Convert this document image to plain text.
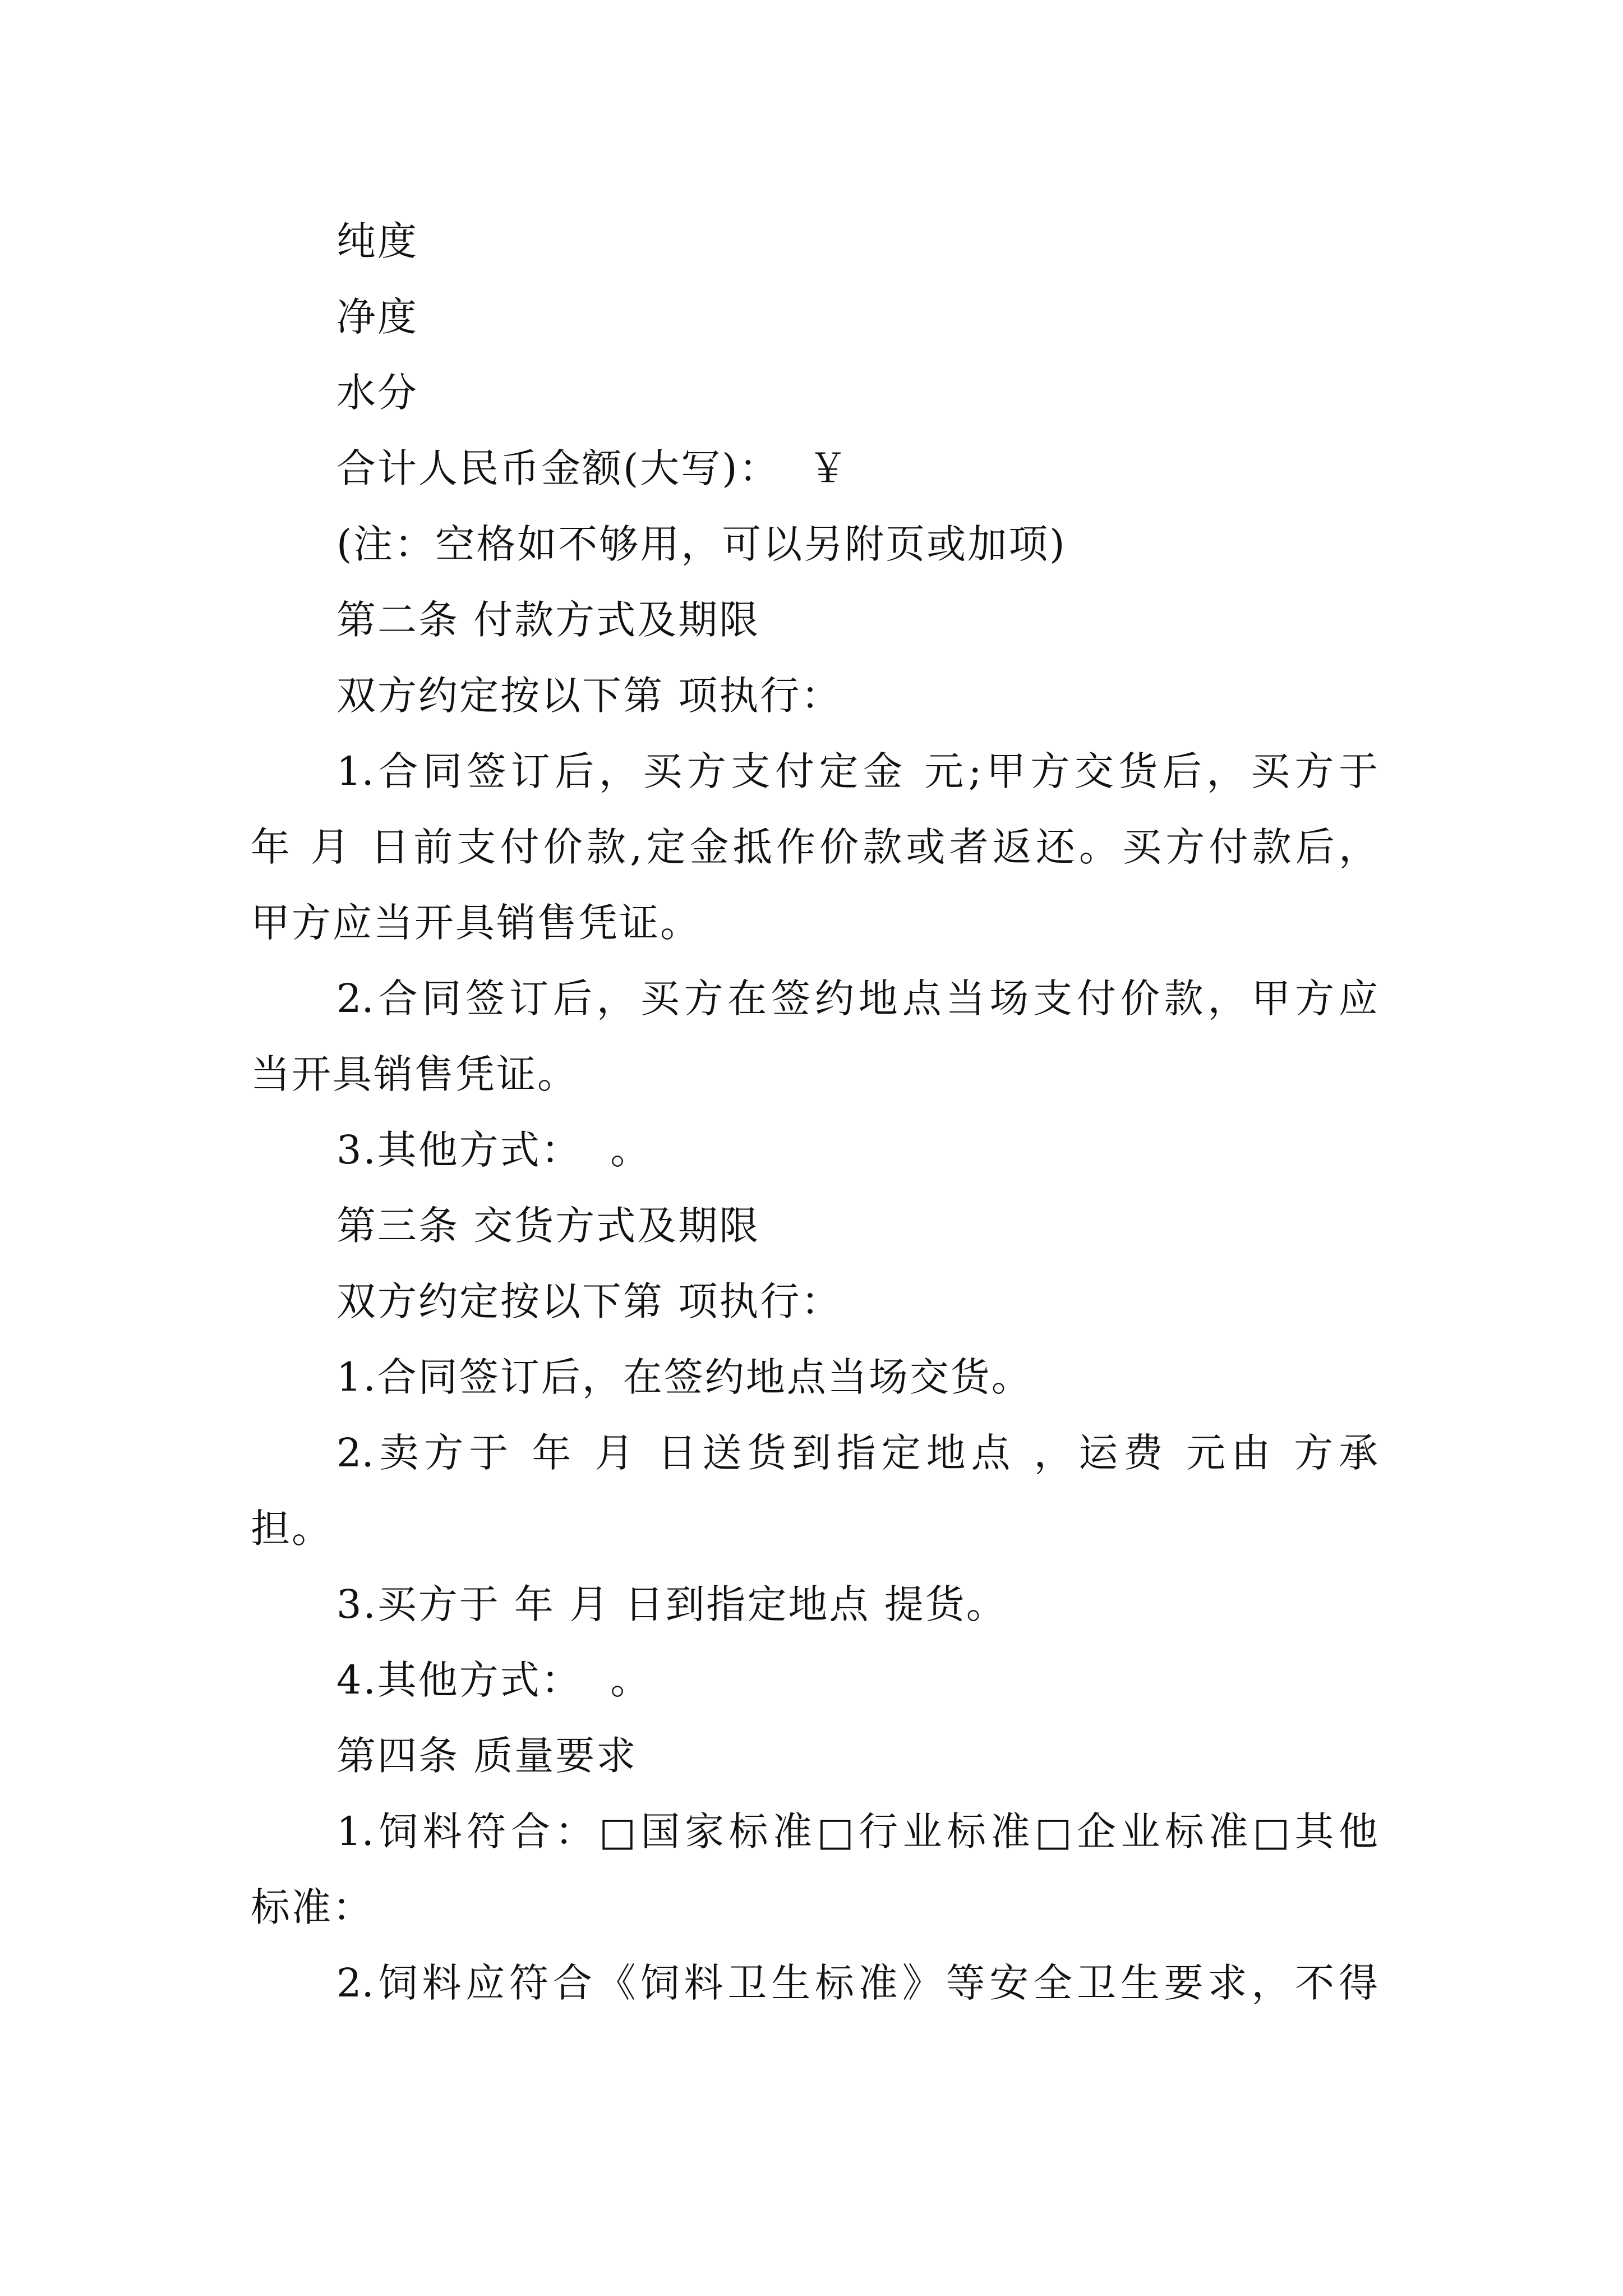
纯度
净度
水分
合计人民币金额(大写)：  ￥
(注：空格如不够用，可以另附页或加项)
第二条 付款方式及期限
双方约定按以下第 项执行：
1.合同签订后，买方支付定金 元;甲方交货后，买方于
年 月 日前支付价款,定金抵作价款或者返还。买方付款后，
甲方应当开具销售凭证。
2.合同签订后，买方在签约地点当场支付价款，甲方应
当开具销售凭证。
3.其他方式：  。
第三条 交货方式及期限
双方约定按以下第 项执行：
1.合同签订后，在签约地点当场交货。
2.卖方于 年 月 日送货到指定地点 ，运费 元由 方承
担。
3.买方于 年 月 日到指定地点 提货。
4.其他方式：  。
第四条 质量要求
1.饲料符合：□国家标准□行业标准□企业标准□其他
标准：
2.饲料应符合《饲料卫生标准》等安全卫生要求，不得
